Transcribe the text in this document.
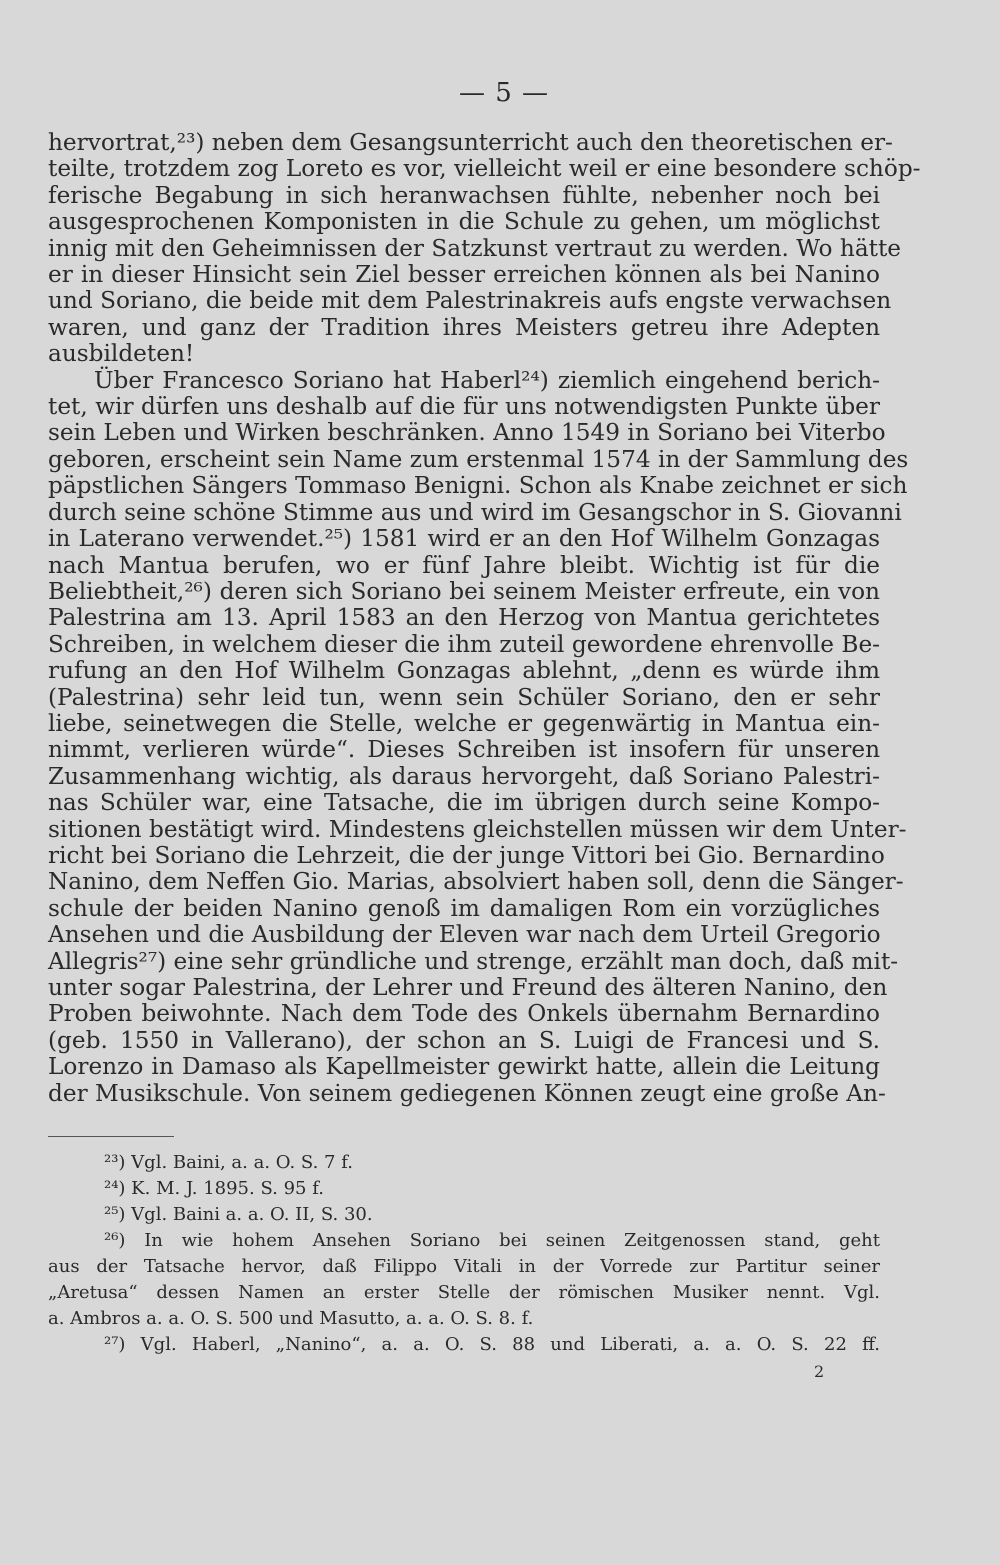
— 5 —
hervortrat,²³) neben dem Gesangsunterricht auch den theoretischen er-
teilte, trotzdem zog Loreto es vor, vielleicht weil er eine besondere schöp-
ferische Begabung in sich heranwachsen fühlte, nebenher noch bei
ausgesprochenen Komponisten in die Schule zu gehen, um möglichst
innig mit den Geheimnissen der Satzkunst vertraut zu werden. Wo hätte
er in dieser Hinsicht sein Ziel besser erreichen können als bei Nanino
und Soriano, die beide mit dem Palestrinakreis aufs engste verwachsen
waren, und ganz der Tradition ihres Meisters getreu ihre Adepten
ausbildeten!
Über Francesco Soriano hat Haberl²⁴) ziemlich eingehend berich-
tet, wir dürfen uns deshalb auf die für uns notwendigsten Punkte über
sein Leben und Wirken beschränken. Anno 1549 in Soriano bei Viterbo
geboren, erscheint sein Name zum erstenmal 1574 in der Sammlung des
päpstlichen Sängers Tommaso Benigni. Schon als Knabe zeichnet er sich
durch seine schöne Stimme aus und wird im Gesangschor in S. Giovanni
in Laterano verwendet.²⁵) 1581 wird er an den Hof Wilhelm Gonzagas
nach Mantua berufen, wo er fünf Jahre bleibt. Wichtig ist für die
Beliebtheit,²⁶) deren sich Soriano bei seinem Meister erfreute, ein von
Palestrina am 13. April 1583 an den Herzog von Mantua gerichtetes
Schreiben, in welchem dieser die ihm zuteil gewordene ehrenvolle Be-
rufung an den Hof Wilhelm Gonzagas ablehnt, „denn es würde ihm
(Palestrina) sehr leid tun, wenn sein Schüler Soriano, den er sehr
liebe, seinetwegen die Stelle, welche er gegenwärtig in Mantua ein-
nimmt, verlieren würde“. Dieses Schreiben ist insofern für unseren
Zusammenhang wichtig, als daraus hervorgeht, daß Soriano Palestri-
nas Schüler war, eine Tatsache, die im übrigen durch seine Kompo-
sitionen bestätigt wird. Mindestens gleichstellen müssen wir dem Unter-
richt bei Soriano die Lehrzeit, die der junge Vittori bei Gio. Bernardino
Nanino, dem Neffen Gio. Marias, absolviert haben soll, denn die Sänger-
schule der beiden Nanino genoß im damaligen Rom ein vorzügliches
Ansehen und die Ausbildung der Eleven war nach dem Urteil Gregorio
Allegris²⁷) eine sehr gründliche und strenge, erzählt man doch, daß mit-
unter sogar Palestrina, der Lehrer und Freund des älteren Nanino, den
Proben beiwohnte. Nach dem Tode des Onkels übernahm Bernardino
(geb. 1550 in Vallerano), der schon an S. Luigi de Francesi und S.
Lorenzo in Damaso als Kapellmeister gewirkt hatte, allein die Leitung
der Musikschule. Von seinem gediegenen Können zeugt eine große An-
²³) Vgl. Baini, a. a. O. S. 7 f.
²⁴) K. M. J. 1895. S. 95 f.
²⁵) Vgl. Baini a. a. O. II, S. 30.
²⁶) In wie hohem Ansehen Soriano bei seinen Zeitgenossen stand, geht
aus der Tatsache hervor, daß Filippo Vitali in der Vorrede zur Partitur seiner
„Aretusa“ dessen Namen an erster Stelle der römischen Musiker nennt. Vgl.
a. Ambros a. a. O. S. 500 und Masutto, a. a. O. S. 8. f.
²⁷) Vgl. Haberl, „Nanino“, a. a. O. S. 88 und Liberati, a. a. O. S. 22 ff.
2
